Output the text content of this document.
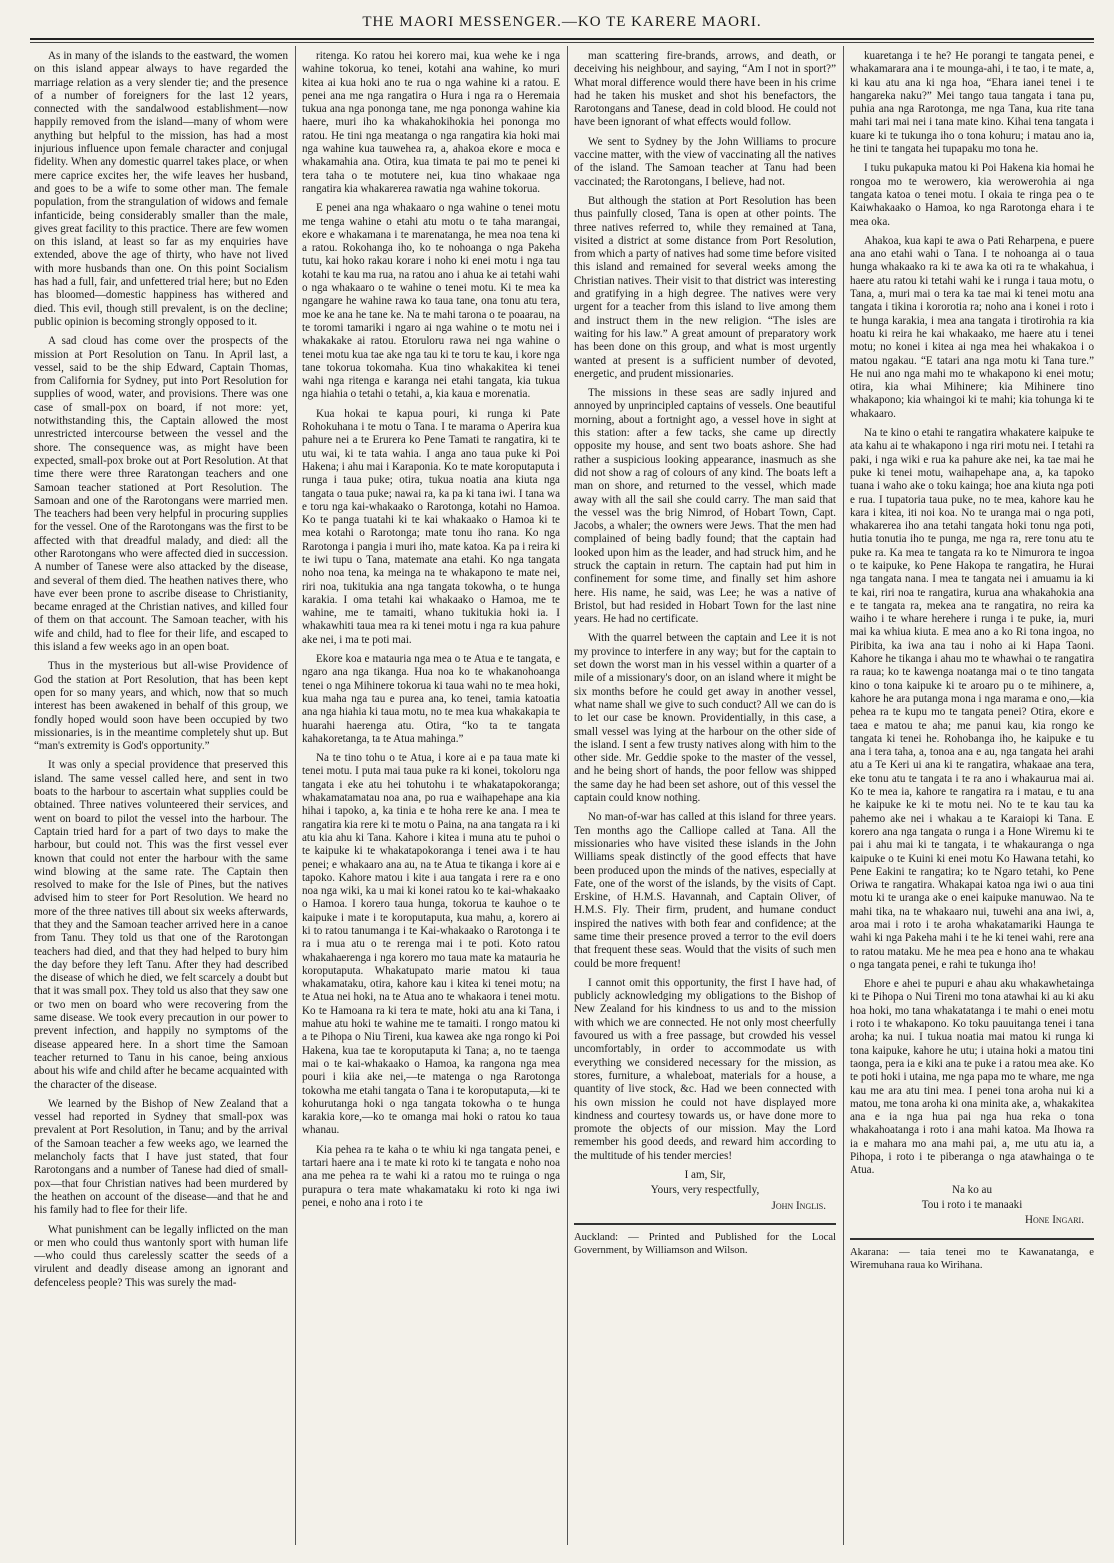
THE MAORI MESSENGER.—KO TE KARERE MAORI.

As in many of the islands to the eastward, the women on this island appear always to have regarded the marriage relation as a very slender tie; and the presence of a number of foreigners for the last 12 years, connected with the sandalwood establishment—now happily removed from the island—many of whom were anything but helpful to the mission, has had a most injurious influence upon female character and conjugal fidelity. When any domestic quarrel takes place, or when mere caprice excites her, the wife leaves her husband, and goes to be a wife to some other man. The female population, from the strangulation of widows and female infanticide, being considerably smaller than the male, gives great facility to this practice. There are few women on this island, at least so far as my enquiries have extended, above the age of thirty, who have not lived with more husbands than one. On this point Socialism has had a full, fair, and unfettered trial here; but no Eden has bloomed—domestic happiness has withered and died. This evil, though still prevalent, is on the decline; public opinion is becoming strongly opposed to it.

A sad cloud has come over the prospects of the mission at Port Resolution on Tanu. In April last, a vessel, said to be the ship Edward, Captain Thomas, from California for Sydney, put into Port Resolution for supplies of wood, water, and provisions. There was one case of small-pox on board, if not more: yet, notwithstanding this, the Captain allowed the most unrestricted intercourse between the vessel and the shore. The consequence was, as might have been expected, small-pox broke out at Port Resolution. At that time there were three Raratongan teachers and one Samoan teacher stationed at Port Resolution. The Samoan and one of the Rarotongans were married men. The teachers had been very helpful in procuring supplies for the vessel. One of the Rarotongans was the first to be affected with that dreadful malady, and died: all the other Rarotongans who were affected died in succession. A number of Tanese were also attacked by the disease, and several of them died. The heathen natives there, who have ever been prone to ascribe disease to Christianity, became enraged at the Christian natives, and killed four of them on that account. The Samoan teacher, with his wife and child, had to flee for their life, and escaped to this island a few weeks ago in an open boat.

Thus in the mysterious but all-wise Providence of God the station at Port Resolution, that has been kept open for so many years, and which, now that so much interest has been awakened in behalf of this group, we fondly hoped would soon have been occupied by two missionaries, is in the meantime completely shut up. But “man's extremity is God's opportunity.”

It was only a special providence that preserved this island. The same vessel called here, and sent in two boats to the harbour to ascertain what supplies could be obtained. Three natives volunteered their services, and went on board to pilot the vessel into the harbour. The Captain tried hard for a part of two days to make the harbour, but could not. This was the first vessel ever known that could not enter the harbour with the same wind blowing at the same rate. The Captain then resolved to make for the Isle of Pines, but the natives advised him to steer for Port Resolution. We heard no more of the three natives till about six weeks afterwards, that they and the Samoan teacher arrived here in a canoe from Tanu. They told us that one of the Rarotongan teachers had died, and that they had helped to bury him the day before they left Tanu. After they had described the disease of which he died, we felt scarcely a doubt but that it was small pox. They told us also that they saw one or two men on board who were recovering from the same disease. We took every precaution in our power to prevent infection, and happily no symptoms of the disease appeared here. In a short time the Samoan teacher returned to Tanu in his canoe, being anxious about his wife and child after he became acquainted with the character of the disease.

We learned by the Bishop of New Zealand that a vessel had reported in Sydney that small-pox was prevalent at Port Resolution, in Tanu; and by the arrival of the Samoan teacher a few weeks ago, we learned the melancholy facts that I have just stated, that four Rarotongans and a number of Tanese had died of small-pox—that four Christian natives had been murdered by the heathen on account of the disease—and that he and his family had to flee for their life.

What punishment can be legally inflicted on the man or men who could thus wantonly sport with human life—who could thus carelessly scatter the seeds of a virulent and deadly disease among an ignorant and defenceless people? This was surely the mad-

ritenga. Ko ratou hei korero mai, kua wehe ke i nga wahine tokorua, ko tenei, kotahi ana wahine, ko muri kitea ai kua hoki ano te rua o nga wahine ki a ratou. E penei ana me nga rangatira o Hura i nga ra o Heremaia tukua ana nga pononga tane, me nga pononga wahine kia haere, muri iho ka whakahokihokia hei pononga mo ratou. He tini nga meatanga o nga rangatira kia hoki mai nga wahine kua tauwehea ra, a, ahakoa ekore e moca e whakamahia ana. Otira, kua timata te pai mo te penei ki tera taha o te motutere nei, kua tino whakaae nga rangatira kia whakarerea rawatia nga wahine tokorua.

E penei ana nga whakaaro o nga wahine o tenei motu me tenga wahine o etahi atu motu o te taha marangai, ekore e whakamana i te marenatanga, he mea noa tena ki a ratou. Rokohanga iho, ko te nohoanga o nga Pakeha tutu, kai hoko rakau korare i noho ki enei motu i nga tau kotahi te kau ma rua, na ratou ano i ahua ke ai tetahi wahi o nga whakaaro o te wahine o tenei motu. Ki te mea ka ngangare he wahine rawa ko taua tane, ona tonu atu tera, moe ke ana he tane ke. Na te mahi tarona o te poaarau, na te toromi tamariki i ngaro ai nga wahine o te motu nei i whakakake ai ratou. Etoruloru rawa nei nga wahine o tenei motu kua tae ake nga tau ki te toru te kau, i kore nga tane tokorua tokomaha. Kua tino whakakitea ki tenei wahi nga ritenga e karanga nei etahi tangata, kia tukua nga hiahia o tetahi o tetahi, a, kia kaua e morenatia.

Kua hokai te kapua pouri, ki runga ki Pate Rohokuhana i te motu o Tana. I te marama o Aperira kua pahure nei a te Erurera ko Pene Tamati te rangatira, ki te utu wai, ki te tata wahia. I anga ano taua puke ki Poi Hakena; i ahu mai i Karaponia. Ko te mate koroputaputa i runga i taua puke; otira, tukua noatia ana kiuta nga tangata o taua puke; nawai ra, ka pa ki tana iwi. I tana wa e toru nga kai-whakaako o Rarotonga, kotahi no Hamoa. Ko te panga tuatahi ki te kai whakaako o Hamoa ki te mea kotahi o Rarotonga; mate tonu iho rana. Ko nga Rarotonga i pangia i muri iho, mate katoa. Ka pa i reira ki te iwi tupu o Tana, matemate ana etahi. Ko nga tangata noho noa tena, ka meinga na te whakapono te mate nei, riri noa, tukitukia ana nga tangata tokowha, o te hunga karakia. I oma tetahi kai whakaako o Hamoa, me te wahine, me te tamaiti, whano tukitukia hoki ia. I whakawhiti taua mea ra ki tenei motu i nga ra kua pahure ake nei, i ma te poti mai.

Ekore koa e matauria nga mea o te Atua e te tangata, e ngaro ana nga tikanga. Hua noa ko te whakanohoanga tenei o nga Mihinere tokorua ki taua wahi no te mea hoki, kua maha nga tau e purea ana, ko tenei, tamia katoatia ana nga hiahia ki taua motu, no te mea kua whakakapia te huarahi haerenga atu. Otira, “ko ta te tangata kahakoretanga, ta te Atua mahinga.”

Na te tino tohu o te Atua, i kore ai e pa taua mate ki tenei motu. I puta mai taua puke ra ki konei, tokoloru nga tangata i eke atu hei tohutohu i te whakatapokoranga; whakamatamatau noa ana, po rua e waihapehape ana kia hihai i tapoko, a, ka tinia e te hoha rere ke ana. I mea te rangatira kia rere ki te motu o Paina, na ana tangata ra i ki atu kia ahu ki Tana. Kahore i kitea i muna atu te puhoi o te kaipuke ki te whakatapokoranga i tenei awa i te hau penei; e whakaaro ana au, na te Atua te tikanga i kore ai e tapoko. Kahore matou i kite i aua tangata i rere ra e ono noa nga wiki, ka u mai ki konei ratou ko te kai-whakaako o Hamoa. I korero taua hunga, tokorua te kauhoe o te kaipuke i mate i te koroputaputa, kua mahu, a, korero ai ki to ratou tanumanga i te Kai-whakaako o Rarotonga i te ra i mua atu o te rerenga mai i te poti. Koto ratou whakahaerenga i nga korero mo taua mate ka matauria he koroputaputa. Whakatupato marie matou ki taua whakamataku, otira, kahore kau i kitea ki tenei motu; na te Atua nei hoki, na te Atua ano te whakaora i tenei motu. Ko te Hamoana ra ki tera te mate, hoki atu ana ki Tana, i mahue atu hoki te wahine me te tamaiti. I rongo matou ki a te Pihopa o Niu Tireni, kua kawea ake nga rongo ki Poi Hakena, kua tae te koroputaputa ki Tana; a, no te taenga mai o te kai-whakaako o Hamoa, ka rangona nga mea pouri i kiia ake nei,—te matenga o nga Rarotonga tokowha me etahi tangata o Tana i te koroputaputa,—ki te kohurutanga hoki o nga tangata tokowha o te hunga karakia kore,—ko te omanga mai hoki o ratou ko taua whanau.

Kia pehea ra te kaha o te whiu ki nga tangata penei, e tartari haere ana i te mate ki roto ki te tangata e noho noa ana me pehea ra te wahi ki a ratou mo te ruinga o nga purapura o tera mate whakamataku ki roto ki nga iwi penei, e noho ana i roto i te

man scattering fire-brands, arrows, and death, or deceiving his neighbour, and saying, “Am I not in sport?” What moral difference would there have been in his crime had he taken his musket and shot his benefactors, the Rarotongans and Tanese, dead in cold blood. He could not have been ignorant of what effects would follow.

We sent to Sydney by the John Williams to procure vaccine matter, with the view of vaccinating all the natives of the island. The Samoan teacher at Tanu had been vaccinated; the Rarotongans, I believe, had not.

But although the station at Port Resolution has been thus painfully closed, Tana is open at other points. The three natives referred to, while they remained at Tana, visited a district at some distance from Port Resolution, from which a party of natives had some time before visited this island and remained for several weeks among the Christian natives. Their visit to that district was interesting and gratifying in a high degree. The natives were very urgent for a teacher from this island to live among them and instruct them in the new religion. “The isles are waiting for his law.” A great amount of preparatory work has been done on this group, and what is most urgently wanted at present is a sufficient number of devoted, energetic, and prudent missionaries.

The missions in these seas are sadly injured and annoyed by unprincipled captains of vessels. One beautiful morning, about a fortnight ago, a vessel hove in sight at this station: after a few tacks, she came up directly opposite my house, and sent two boats ashore. She had rather a suspicious looking appearance, inasmuch as she did not show a rag of colours of any kind. The boats left a man on shore, and returned to the vessel, which made away with all the sail she could carry. The man said that the vessel was the brig Nimrod, of Hobart Town, Capt. Jacobs, a whaler; the owners were Jews. That the men had complained of being badly found; that the captain had looked upon him as the leader, and had struck him, and he struck the captain in return. The captain had put him in confinement for some time, and finally set him ashore here. His name, he said, was Lee; he was a native of Bristol, but had resided in Hobart Town for the last nine years. He had no certificate.

With the quarrel between the captain and Lee it is not my province to interfere in any way; but for the captain to set down the worst man in his vessel within a quarter of a mile of a missionary's door, on an island where it might be six months before he could get away in another vessel, what name shall we give to such conduct? All we can do is to let our case be known. Providentially, in this case, a small vessel was lying at the harbour on the other side of the island. I sent a few trusty natives along with him to the other side. Mr. Geddie spoke to the master of the vessel, and he being short of hands, the poor fellow was shipped the same day he had been set ashore, out of this vessel the captain could know nothing.

No man-of-war has called at this island for three years. Ten months ago the Calliope called at Tana. All the missionaries who have visited these islands in the John Williams speak distinctly of the good effects that have been produced upon the minds of the natives, especially at Fate, one of the worst of the islands, by the visits of Capt. Erskine, of H.M.S. Havannah, and Captain Oliver, of H.M.S. Fly. Their firm, prudent, and humane conduct inspired the natives with both fear and confidence; at the same time their presence proved a terror to the evil doers that frequent these seas. Would that the visits of such men could be more frequent!

I cannot omit this opportunity, the first I have had, of publicly acknowledging my obligations to the Bishop of New Zealand for his kindness to us and to the mission with which we are connected. He not only most cheerfully favoured us with a free passage, but crowded his vessel uncomfortably, in order to accommodate us with everything we considered necessary for the mission, as stores, furniture, a whaleboat, materials for a house, a quantity of live stock, &c. Had we been connected with his own mission he could not have displayed more kindness and courtesy towards us, or have done more to promote the objects of our mission. May the Lord remember his good deeds, and reward him according to the multitude of his tender mercies!

I am, Sir,
Yours, very respectfully,
John Inglis.

Auckland: — Printed and Published for the Local Government, by Williamson and Wilson.

kuaretanga i te he? He porangi te tangata penei, e whakamarara ana i te mounga-ahi, i te tao, i te mate, a, ki kau atu ana ki nga hoa, “Ehara ianei tenei i te hangareka naku?” Mei tango taua tangata i tana pu, puhia ana nga Rarotonga, me nga Tana, kua rite tana mahi tari mai nei i tana mate kino. Kihai tena tangata i kuare ki te tukunga iho o tona kohuru; i matau ano ia, he tini te tangata hei tupapaku mo tona he.

I tuku pukapuka matou ki Poi Hakena kia homai he rongoa mo te werowero, kia werowerohia ai nga tangata katoa o tenei motu. I okaia te ringa pea o te Kaiwhakaako o Hamoa, ko nga Rarotonga ehara i te mea oka.

Ahakoa, kua kapi te awa o Pati Reharpena, e puere ana ano etahi wahi o Tana. I te nohoanga ai o taua hunga whakaako ra ki te awa ka oti ra te whakahua, i haere atu ratou ki tetahi wahi ke i runga i taua motu, o Tana, a, muri mai o tera ka tae mai ki tenei motu ana tangata i tikina i kororotia ra; noho ana i konei i roto i te hunga karakia, i mea ana tangata i tirotirohia ra kia hoatu ki reira he kai whakaako, me haere atu i tenei motu; no konei i kitea ai nga mea hei whakakoa i o matou ngakau. “E tatari ana nga motu ki Tana ture.” He nui ano nga mahi mo te whakapono ki enei motu; otira, kia whai Mihinere; kia Mihinere tino whakapono; kia whaingoi ki te mahi; kia tohunga ki te whakaaro.

Na te kino o etahi te rangatira whakatere kaipuke te ata kahu ai te whakapono i nga riri motu nei. I tetahi ra paki, i nga wiki e rua ka pahure ake nei, ka tae mai he puke ki tenei motu, waihapehape ana, a, ka tapoko tuana i waho ake o toku kainga; hoe ana kiuta nga poti e rua. I tupatoria taua puke, no te mea, kahore kau he kara i kitea, iti noi koa. No te uranga mai o nga poti, whakarerea iho ana tetahi tangata hoki tonu nga poti, hutia tonutia iho te punga, me nga ra, rere tonu atu te puke ra. Ka mea te tangata ra ko te Nimurora te ingoa o te kaipuke, ko Pene Hakopa te rangatira, he Hurai nga tangata nana. I mea te tangata nei i amuamu ia ki te kai, riri noa te rangatira, kurua ana whakahokia ana e te tangata ra, mekea ana te rangatira, no reira ka waiho i te whare herehere i runga i te puke, ia, muri mai ka whiua kiuta. E mea ano a ko Ri tona ingoa, no Piribita, ka iwa ana tau i noho ai ki Hapa Taoni. Kahore he tikanga i ahau mo te whawhai o te rangatira ra raua; ko te kawenga noatanga mai o te tino tangata kino o tona kaipuke ki te aroaro pu o te mihinere, a, kahore he ara putanga mona i nga marama e ono,—kia pehea ra te kupu mo te tangata penei? Otira, ekore e taea e matou te aha; me panui kau, kia rongo ke tangata ki tenei he. Rohobanga iho, he kaipuke e tu ana i tera taha, a, tonoa ana e au, nga tangata hei arahi atu a Te Keri ui ana ki te rangatira, whakaae ana tera, eke tonu atu te tangata i te ra ano i whakaurua mai ai. Ko te mea ia, kahore te rangatira ra i matau, e tu ana he kaipuke ke ki te motu nei. No te te kau tau ka pahemo ake nei i whakau a te Karaiopi ki Tana. E korero ana nga tangata o runga i a Hone Wiremu ki te pai i ahu mai ki te tangata, i te whakauranga o nga kaipuke o te Kuini ki enei motu Ko Hawana tetahi, ko Pene Eakini te rangatira; ko te Ngaro tetahi, ko Pene Oriwa te rangatira. Whakapai katoa nga iwi o aua tini motu ki te uranga ake o enei kaipuke manuwao. Na te mahi tika, na te whakaaro nui, tuwehi ana ana iwi, a, aroa mai i roto i te aroha whakatamariki Haunga te wahi ki nga Pakeha mahi i te he ki tenei wahi, rere ana to ratou mataku. Me he mea pea e hono ana te whakau o nga tangata penei, e rahi te tukunga iho!

Ehore e ahei te pupuri e ahau aku whakawhetainga ki te Pihopa o Nui Tireni mo tona atawhai ki au ki aku hoa hoki, mo tana whakatatanga i te mahi o enei motu i roto i te whakapono. Ko toku pauuitanga tenei i tana aroha; ka nui. I tukua noatia mai matou ki runga ki tona kaipuke, kahore he utu; i utaina hoki a matou tini taonga, pera ia e kiki ana te puke i a ratou mea ake. Ko te poti hoki i utaina, me nga papa mo te whare, me nga kau me ara atu tini mea. I penei tona aroha nui ki a matou, me tona aroha ki ona minita ake, a, whakakitea ana e ia nga hua pai nga hua reka o tona whakahoatanga i roto i ana mahi katoa. Ma Ihowa ra ia e mahara mo ana mahi pai, a, me utu atu ia, a Pihopa, i roto i te piberanga o nga atawhainga o te Atua.

Na ko au
Tou i roto i te manaaki
Hone Ingari.

Akarana: — taia tenei mo te Kawanatanga, e Wiremuhana raua ko Wirihana.
